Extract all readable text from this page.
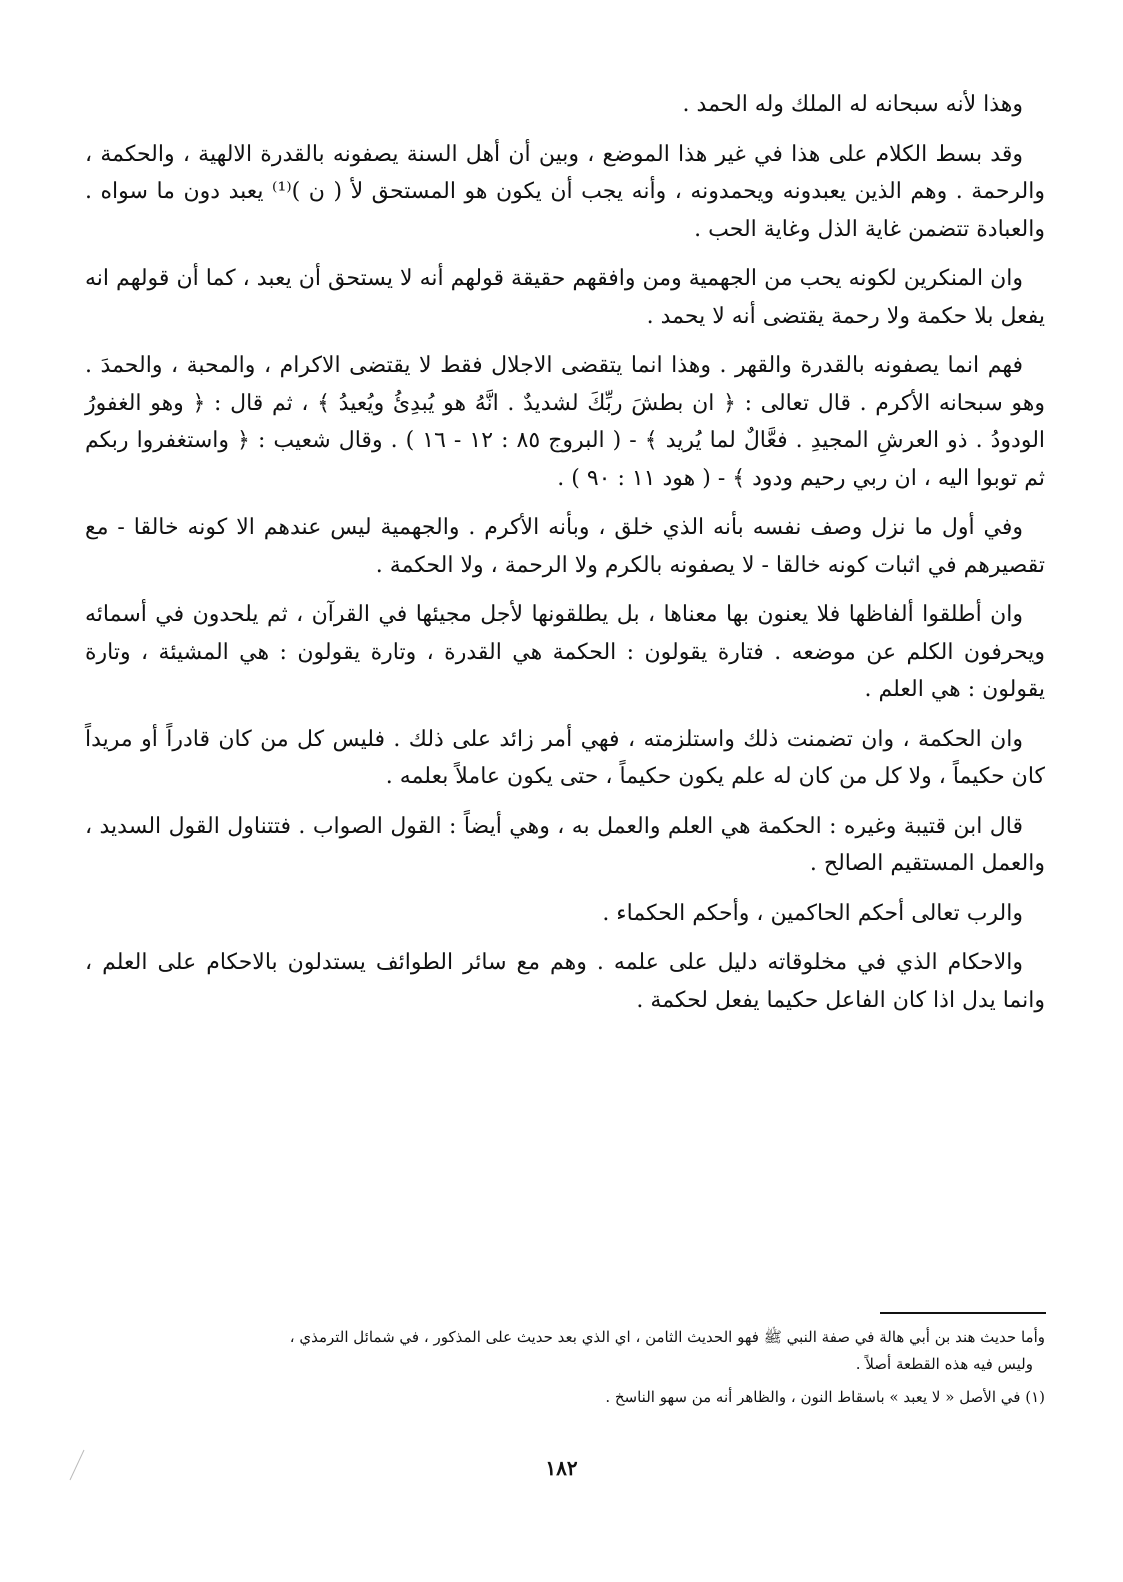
وهذا لأنه سبحانه له الملك وله الحمد .

وقد بسط الكلام على هذا في غير هذا الموضع ، وبين أن أهل السنة يصفونه بالقدرة الالهية ، والحكمة ، والرحمة . وهم الذين يعبدونه ويحمدونه ، وأنه يجب أن يكون هو المستحق لأ ( ن )⁽¹⁾ يعبد دون ما سواه . والعبادة تتضمن غاية الذل وغاية الحب .

وان المنكرين لكونه يحب من الجهمية ومن وافقهم حقيقة قولهم أنه لا يستحق أن يعبد ، كما أن قولهم انه يفعل بلا حكمة ولا رحمة يقتضى أنه لا يحمد .

فهم انما يصفونه بالقدرة والقهر . وهذا انما يتقضى الاجلال فقط لا يقتضى الاكرام ، والمحبة ، والحمدَ . وهو سبحانه الأكرم . قال تعالى : ﴿ ان بطشَ ربِّكَ لشديدٌ . انَّهُ هو يُبدِئُ ويُعيدُ ﴾ ، ثم قال : ﴿ وهو الغفورُ الودودُ . ذو العرشِ المجيدِ . فعَّالٌ لما يُريد ﴾ - ( البروج ٨٥ : ١٢ - ١٦ ) . وقال شعيب : ﴿ واستغفروا ربكم ثم توبوا اليه ، ان ربي رحيم ودود ﴾ - ( هود ١١ : ٩٠ ) .

وفي أول ما نزل وصف نفسه بأنه الذي خلق ، وبأنه الأكرم . والجهمية ليس عندهم الا كونه خالقا - مع تقصيرهم في اثبات كونه خالقا - لا يصفونه بالكرم ولا الرحمة ، ولا الحكمة .

وان أطلقوا ألفاظها فلا يعنون بها معناها ، بل يطلقونها لأجل مجيئها في القرآن ، ثم يلحدون في أسمائه ويحرفون الكلم عن موضعه . فتارة يقولون : الحكمة هي القدرة ، وتارة يقولون : هي المشيئة ، وتارة يقولون : هي العلم .

وان الحكمة ، وان تضمنت ذلك واستلزمته ، فهي أمر زائد على ذلك . فليس كل من كان قادراً أو مريداً كان حكيماً ، ولا كل من كان له علم يكون حكيماً ، حتى يكون عاملاً بعلمه .

قال ابن قتيبة وغيره : الحكمة هي العلم والعمل به ، وهي أيضاً : القول الصواب . فتتناول القول السديد ، والعمل المستقيم الصالح .

والرب تعالى أحكم الحاكمين ، وأحكم الحكماء .

والاحكام الذي في مخلوقاته دليل على علمه . وهم مع سائر الطوائف يستدلون بالاحكام على العلم ، وانما يدل اذا كان الفاعل حكيما يفعل لحكمة .

وأما حديث هند بن أبي هالة في صفة النبي ﷺ فهو الحديث الثامن ، اي الذي بعد حديث على المذكور ، في شمائل الترمذي ،

وليس فيه هذه القطعة أصلاً .

(١) في الأصل « لا يعبد » باسقاط النون ، والظاهر أنه من سهو الناسخ .

١٨٢
